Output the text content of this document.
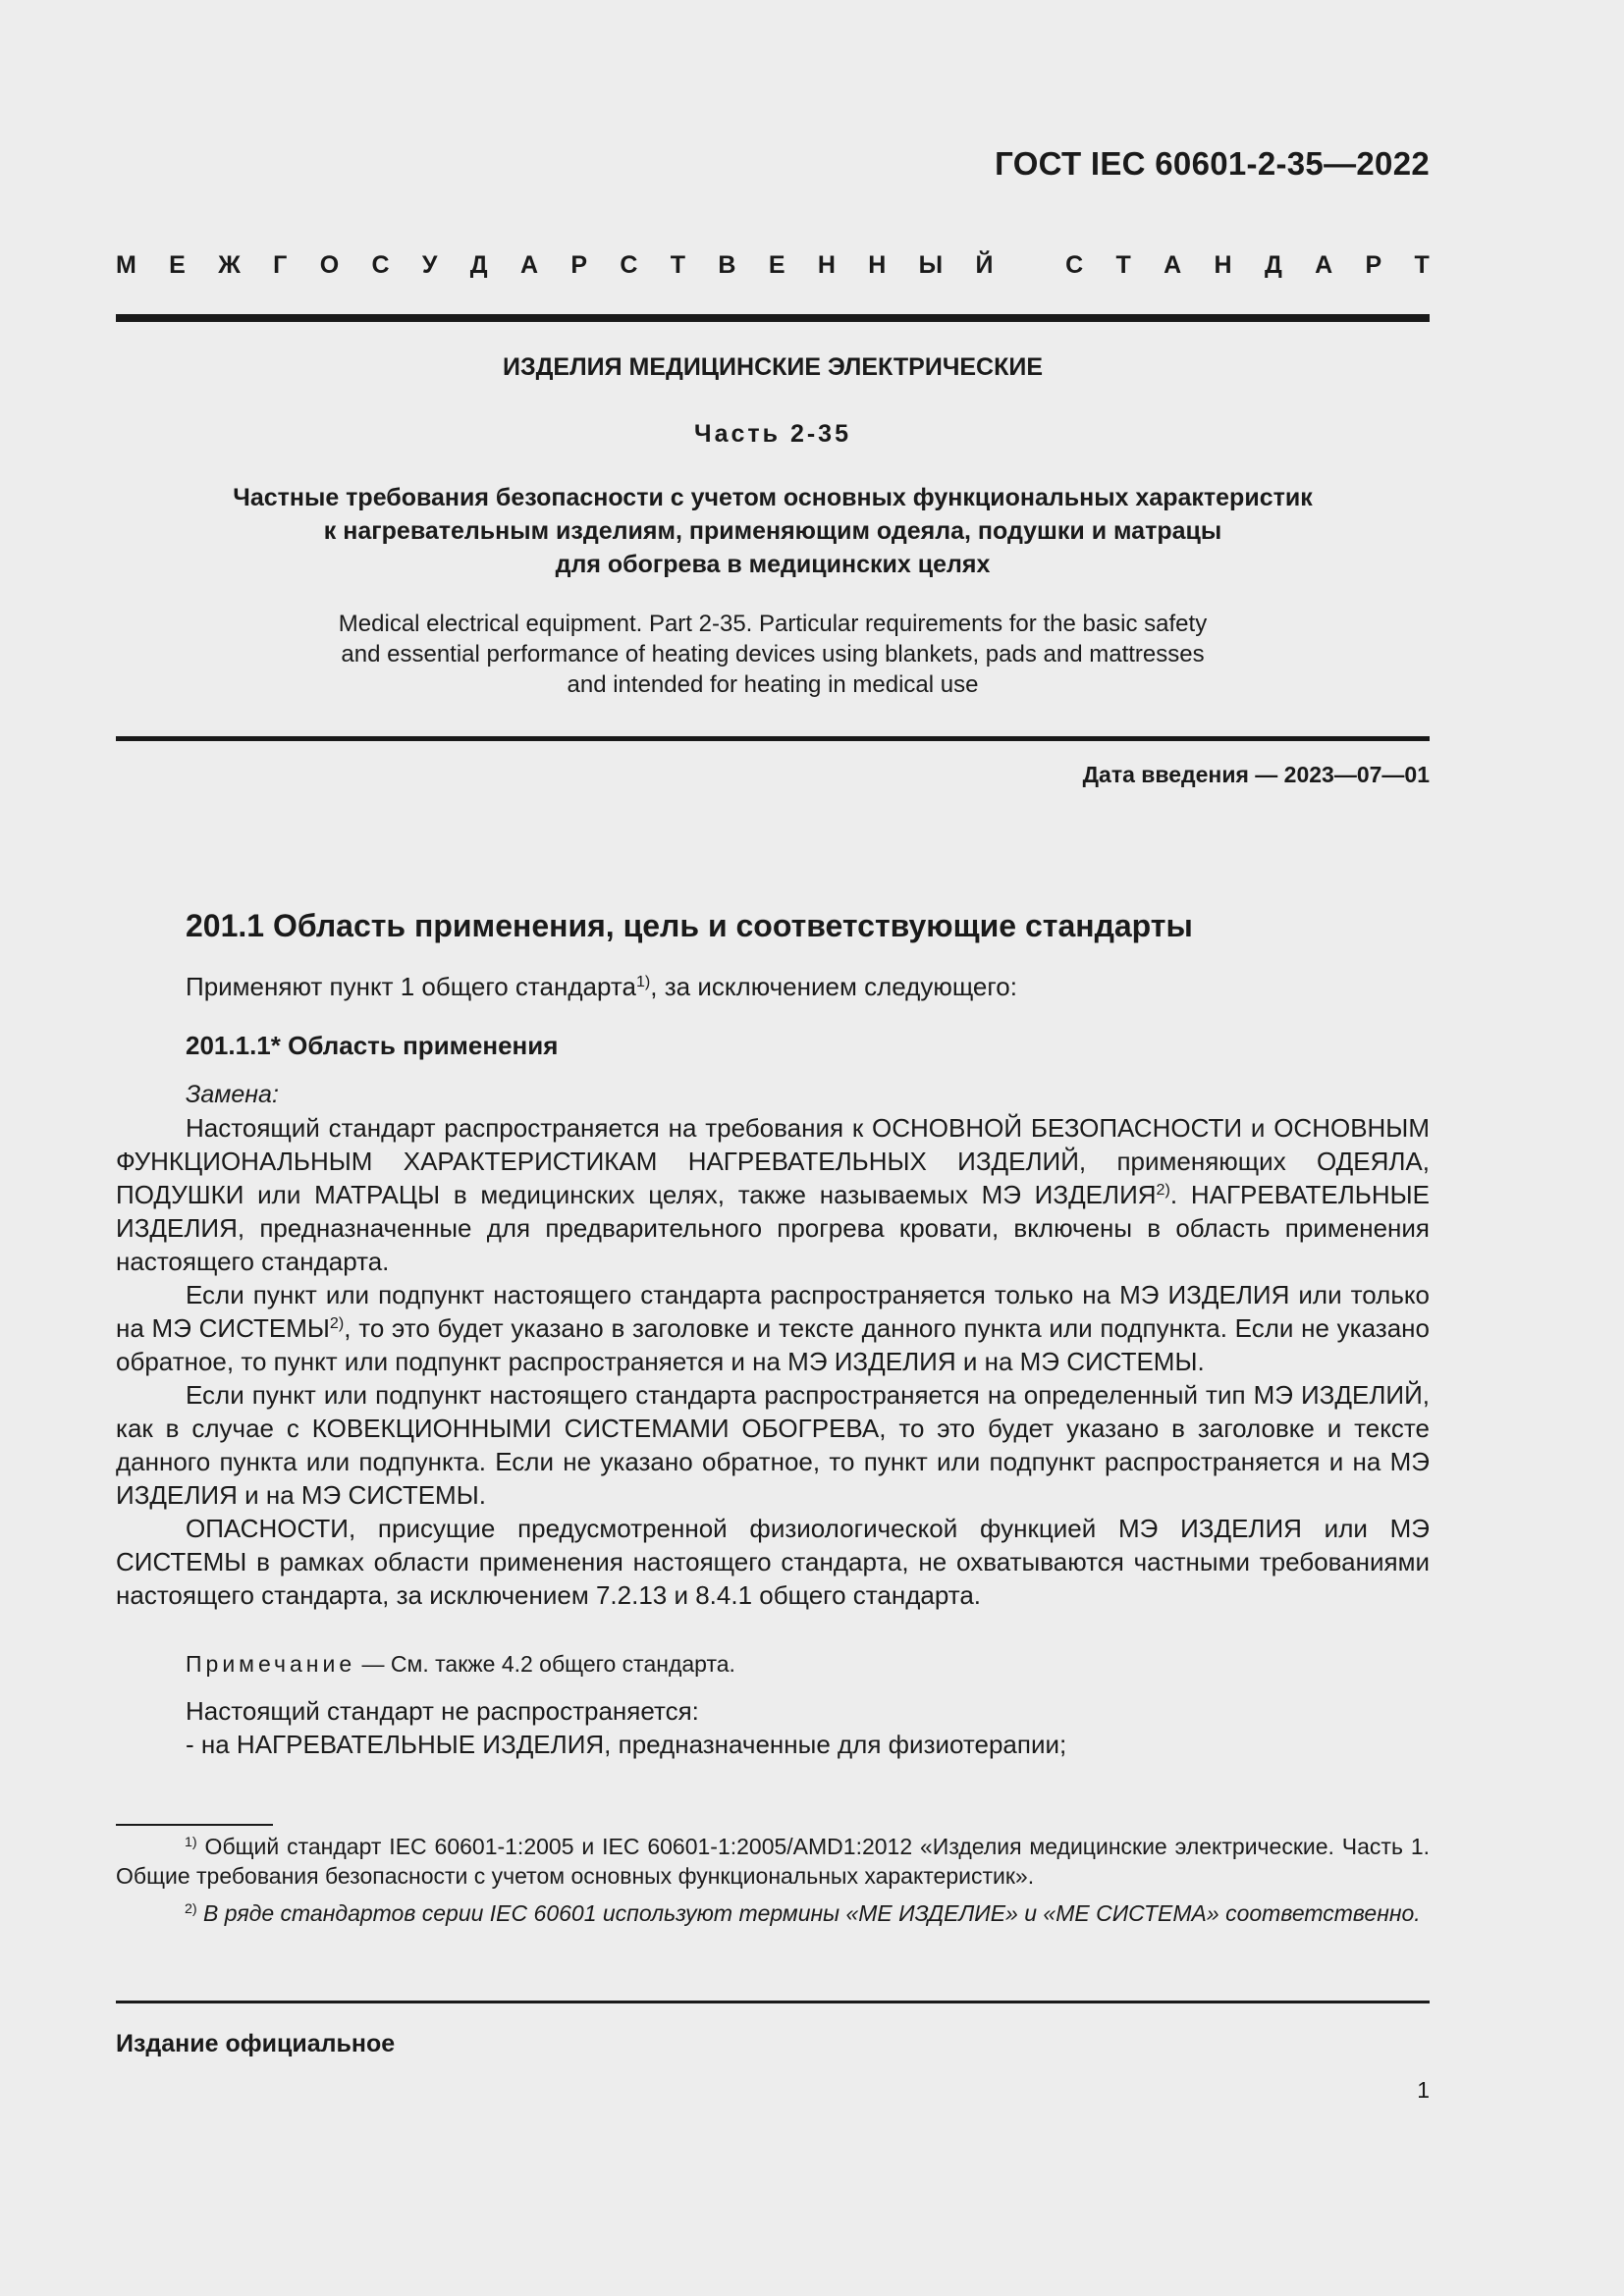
ГОСТ IEC 60601-2-35—2022
М Е Ж Г О С У Д А Р С Т В Е Н Н Ы Й
	С Т А Н Д А Р Т
ИЗДЕЛИЯ МЕДИЦИНСКИЕ ЭЛЕКТРИЧЕСКИЕ
Часть 2-35
Частные требования безопасности с учетом основных функциональных характеристик
к нагревательным изделиям, применяющим одеяла, подушки и матрацы
для обогрева в медицинских целях
Medical electrical equipment. Part 2-35. Particular requirements for the basic safety
and essential performance of heating devices using blankets, pads and mattresses
and intended for heating in medical use
Дата введения — 2023—07—01
201.1 Область применения, цель и соответствующие стандарты
Применяют пункт 1 общего стандарта$^{1)}$, за исключением следующего:
201.1.1* Область применения
Замена:

Настоящий стандарт распространяется на требования к ОСНОВНОЙ БЕЗОПАСНОСТИ и ОСНОВНЫМ ФУНКЦИОНАЛЬНЫМ ХАРАКТЕРИСТИКАМ НАГРЕВАТЕЛЬНЫХ ИЗДЕЛИЙ, применяющих ОДЕЯЛА, ПОДУШКИ или МАТРАЦЫ в медицинских целях, также называемых МЭ ИЗДЕЛИЯ$^{2)}$. НАГРЕВАТЕЛЬНЫЕ ИЗДЕЛИЯ, предназначенные для предварительного прогрева кровати, включены в область применения настоящего стандарта.

Если пункт или подпункт настоящего стандарта распространяется только на МЭ ИЗДЕЛИЯ или только на МЭ СИСТЕМЫ$^{2)}$, то это будет указано в заголовке и тексте данного пункта или подпункта. Если не указано обратное, то пункт или подпункт распространяется и на МЭ ИЗДЕЛИЯ и на МЭ СИСТЕМЫ.

Если пункт или подпункт настоящего стандарта распространяется на определенный тип МЭ ИЗДЕЛИЙ, как в случае с КОВЕКЦИОННЫМИ СИСТЕМАМИ ОБОГРЕВА, то это будет указано в заголовке и тексте данного пункта или подпункта. Если не указано обратное, то пункт или подпункт распространяется и на МЭ ИЗДЕЛИЯ и на МЭ СИСТЕМЫ.

ОПАСНОСТИ, присущие предусмотренной физиологической функцией МЭ ИЗДЕЛИЯ или МЭ СИСТЕМЫ в рамках области применения настоящего стандарта, не охватываются частными требованиями настоящего стандарта, за исключением 7.2.13 и 8.4.1 общего стандарта.

Примечание — См. также 4.2 общего стандарта.
Настоящий стандарт не распространяется:
- на НАГРЕВАТЕЛЬНЫЕ ИЗДЕЛИЯ, предназначенные для физиотерапии;
$^{1)}$ Общий стандарт IEC 60601-1:2005 и IEC 60601-1:2005/AMD1:2012 «Изделия медицинские электрические. Часть 1. Общие требования безопасности с учетом основных функциональных характеристик».
$^{2)}$ В ряде стандартов серии IEC 60601 используют термины «МЕ ИЗДЕЛИЕ» и «МЕ СИСТЕМА» соответственно.
Издание официальное
1
